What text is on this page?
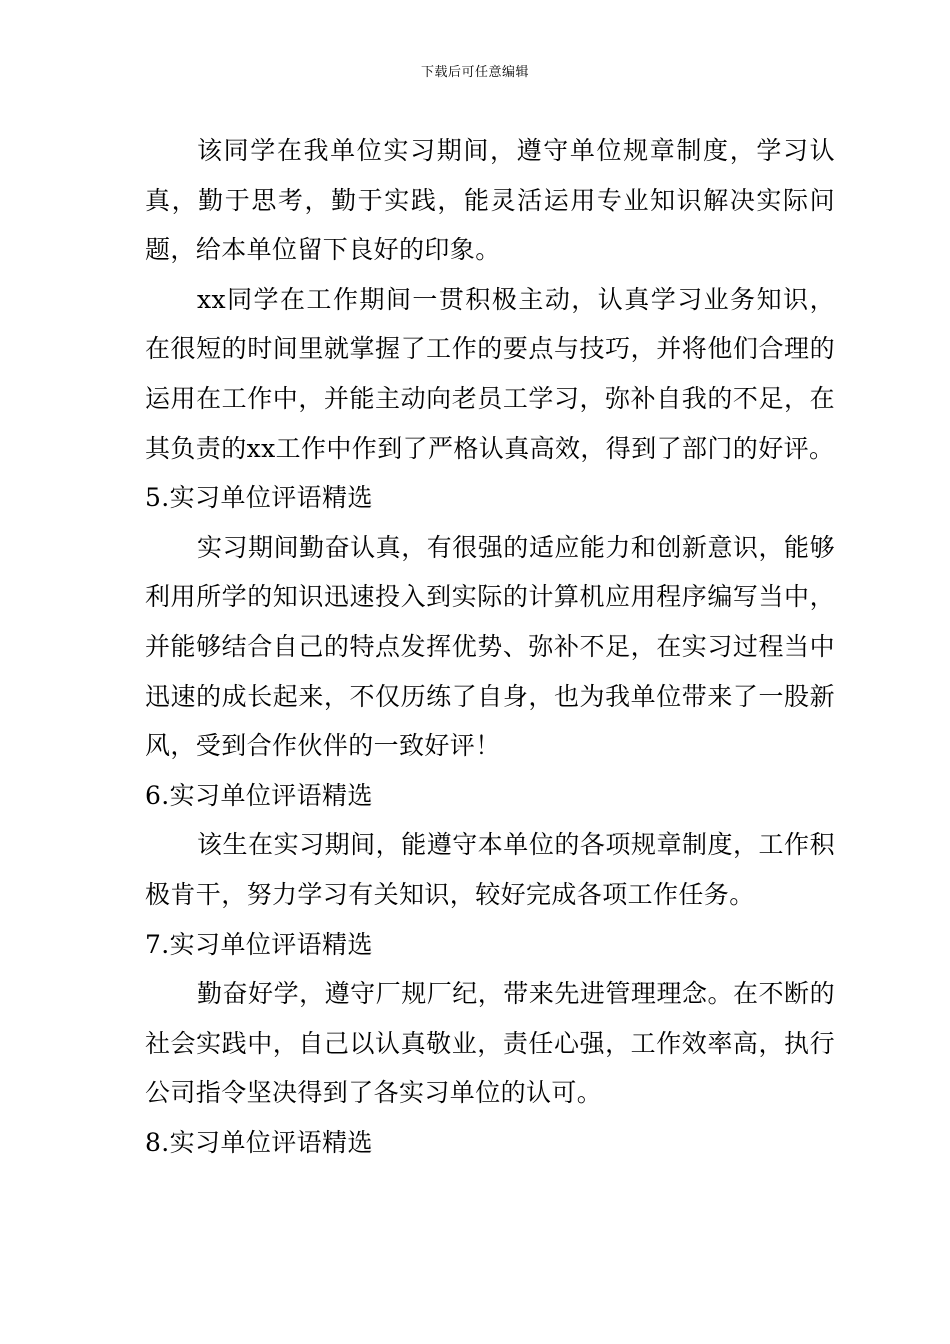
下载后可任意编辑

该同学在我单位实习期间，遵守单位规章制度，学习认真，勤于思考，勤于实践，能灵活运用专业知识解决实际问题，给本单位留下良好的印象。

xx同学在工作期间一贯积极主动，认真学习业务知识，在很短的时间里就掌握了工作的要点与技巧，并将他们合理的运用在工作中，并能主动向老员工学习，弥补自我的不足，在其负责的xx工作中作到了严格认真高效，得到了部门的好评。

5.实习单位评语精选

实习期间勤奋认真，有很强的适应能力和创新意识，能够利用所学的知识迅速投入到实际的计算机应用程序编写当中，并能够结合自己的特点发挥优势、弥补不足，在实习过程当中迅速的成长起来，不仅历练了自身，也为我单位带来了一股新风，受到合作伙伴的一致好评！

6.实习单位评语精选

该生在实习期间，能遵守本单位的各项规章制度，工作积极肯干，努力学习有关知识，较好完成各项工作任务。

7.实习单位评语精选

勤奋好学，遵守厂规厂纪，带来先进管理理念。在不断的社会实践中，自己以认真敬业，责任心强，工作效率高，执行公司指令坚决得到了各实习单位的认可。

8.实习单位评语精选
